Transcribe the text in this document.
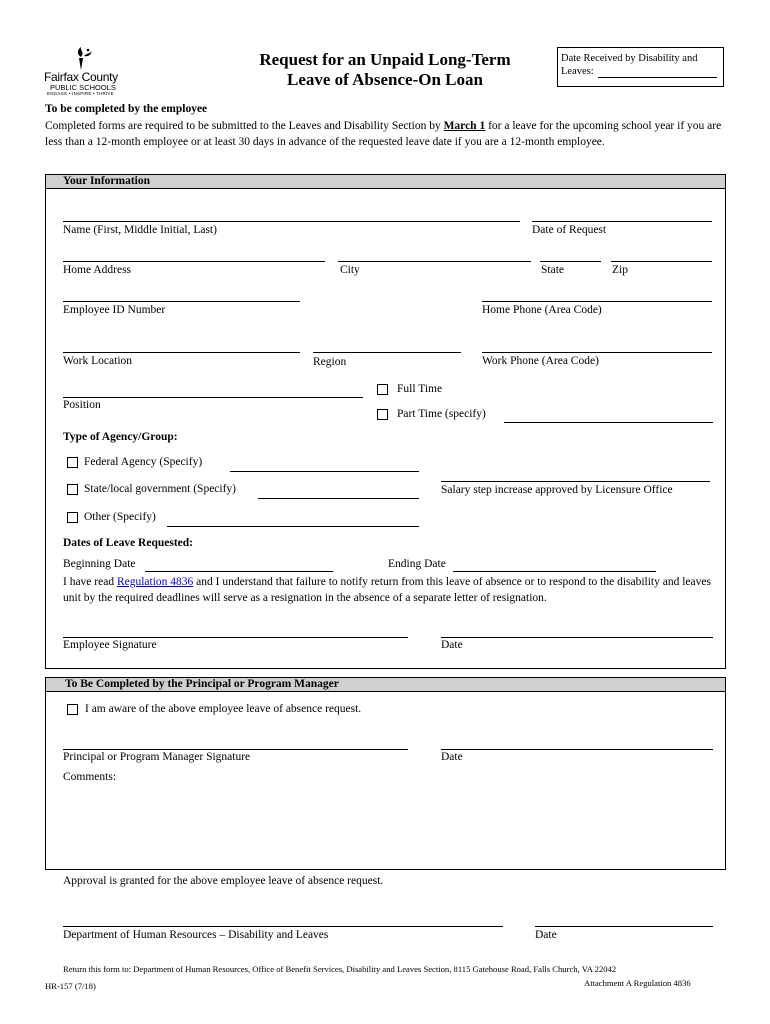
Fairfax County
PUBLIC SCHOOLS
ENGAGE • INSPIRE • THRIVE
Request for an Unpaid Long-Term
Leave of Absence-On Loan
Date Received by Disability and
Leaves:
To be completed by the employee
Completed forms are required to be submitted to the Leaves and Disability Section by March 1 for a leave for the upcoming school year if you are less than a 12-month employee or at least 30 days in advance of the requested leave date if you are a 12-month employee.
Your Information
Name (First, Middle Initial, Last)	Date of Request
Home Address	City	State	Zip
Employee ID Number	Home Phone (Area Code)
Work Location	Region	Work Phone (Area Code)
Position
Full Time
Part Time (specify)
Type of Agency/Group:
Federal Agency (Specify)
Salary step increase approved by Licensure Office
State/local government (Specify)
Other (Specify)
Dates of Leave Requested:
Beginning Date	Ending Date
I have read Regulation 4836 and I understand that failure to notify return from this leave of absence or to respond to the disability and leaves unit by the required deadlines will serve as a resignation in the absence of a separate letter of resignation.
Employee Signature	Date
To Be Completed by the Principal or Program Manager
I am aware of the above employee leave of absence request.
Principal or Program Manager Signature	Date
Comments:
Approval is granted for the above employee leave of absence request.
Department of Human Resources – Disability and Leaves	Date
Return this form to: Department of Human Resources, Office of Benefit Services, Disability and Leaves Section, 8115 Gatehouse Road, Falls Church, VA 22042
Attachment A Regulation 4836
HR-157 (7/18)
